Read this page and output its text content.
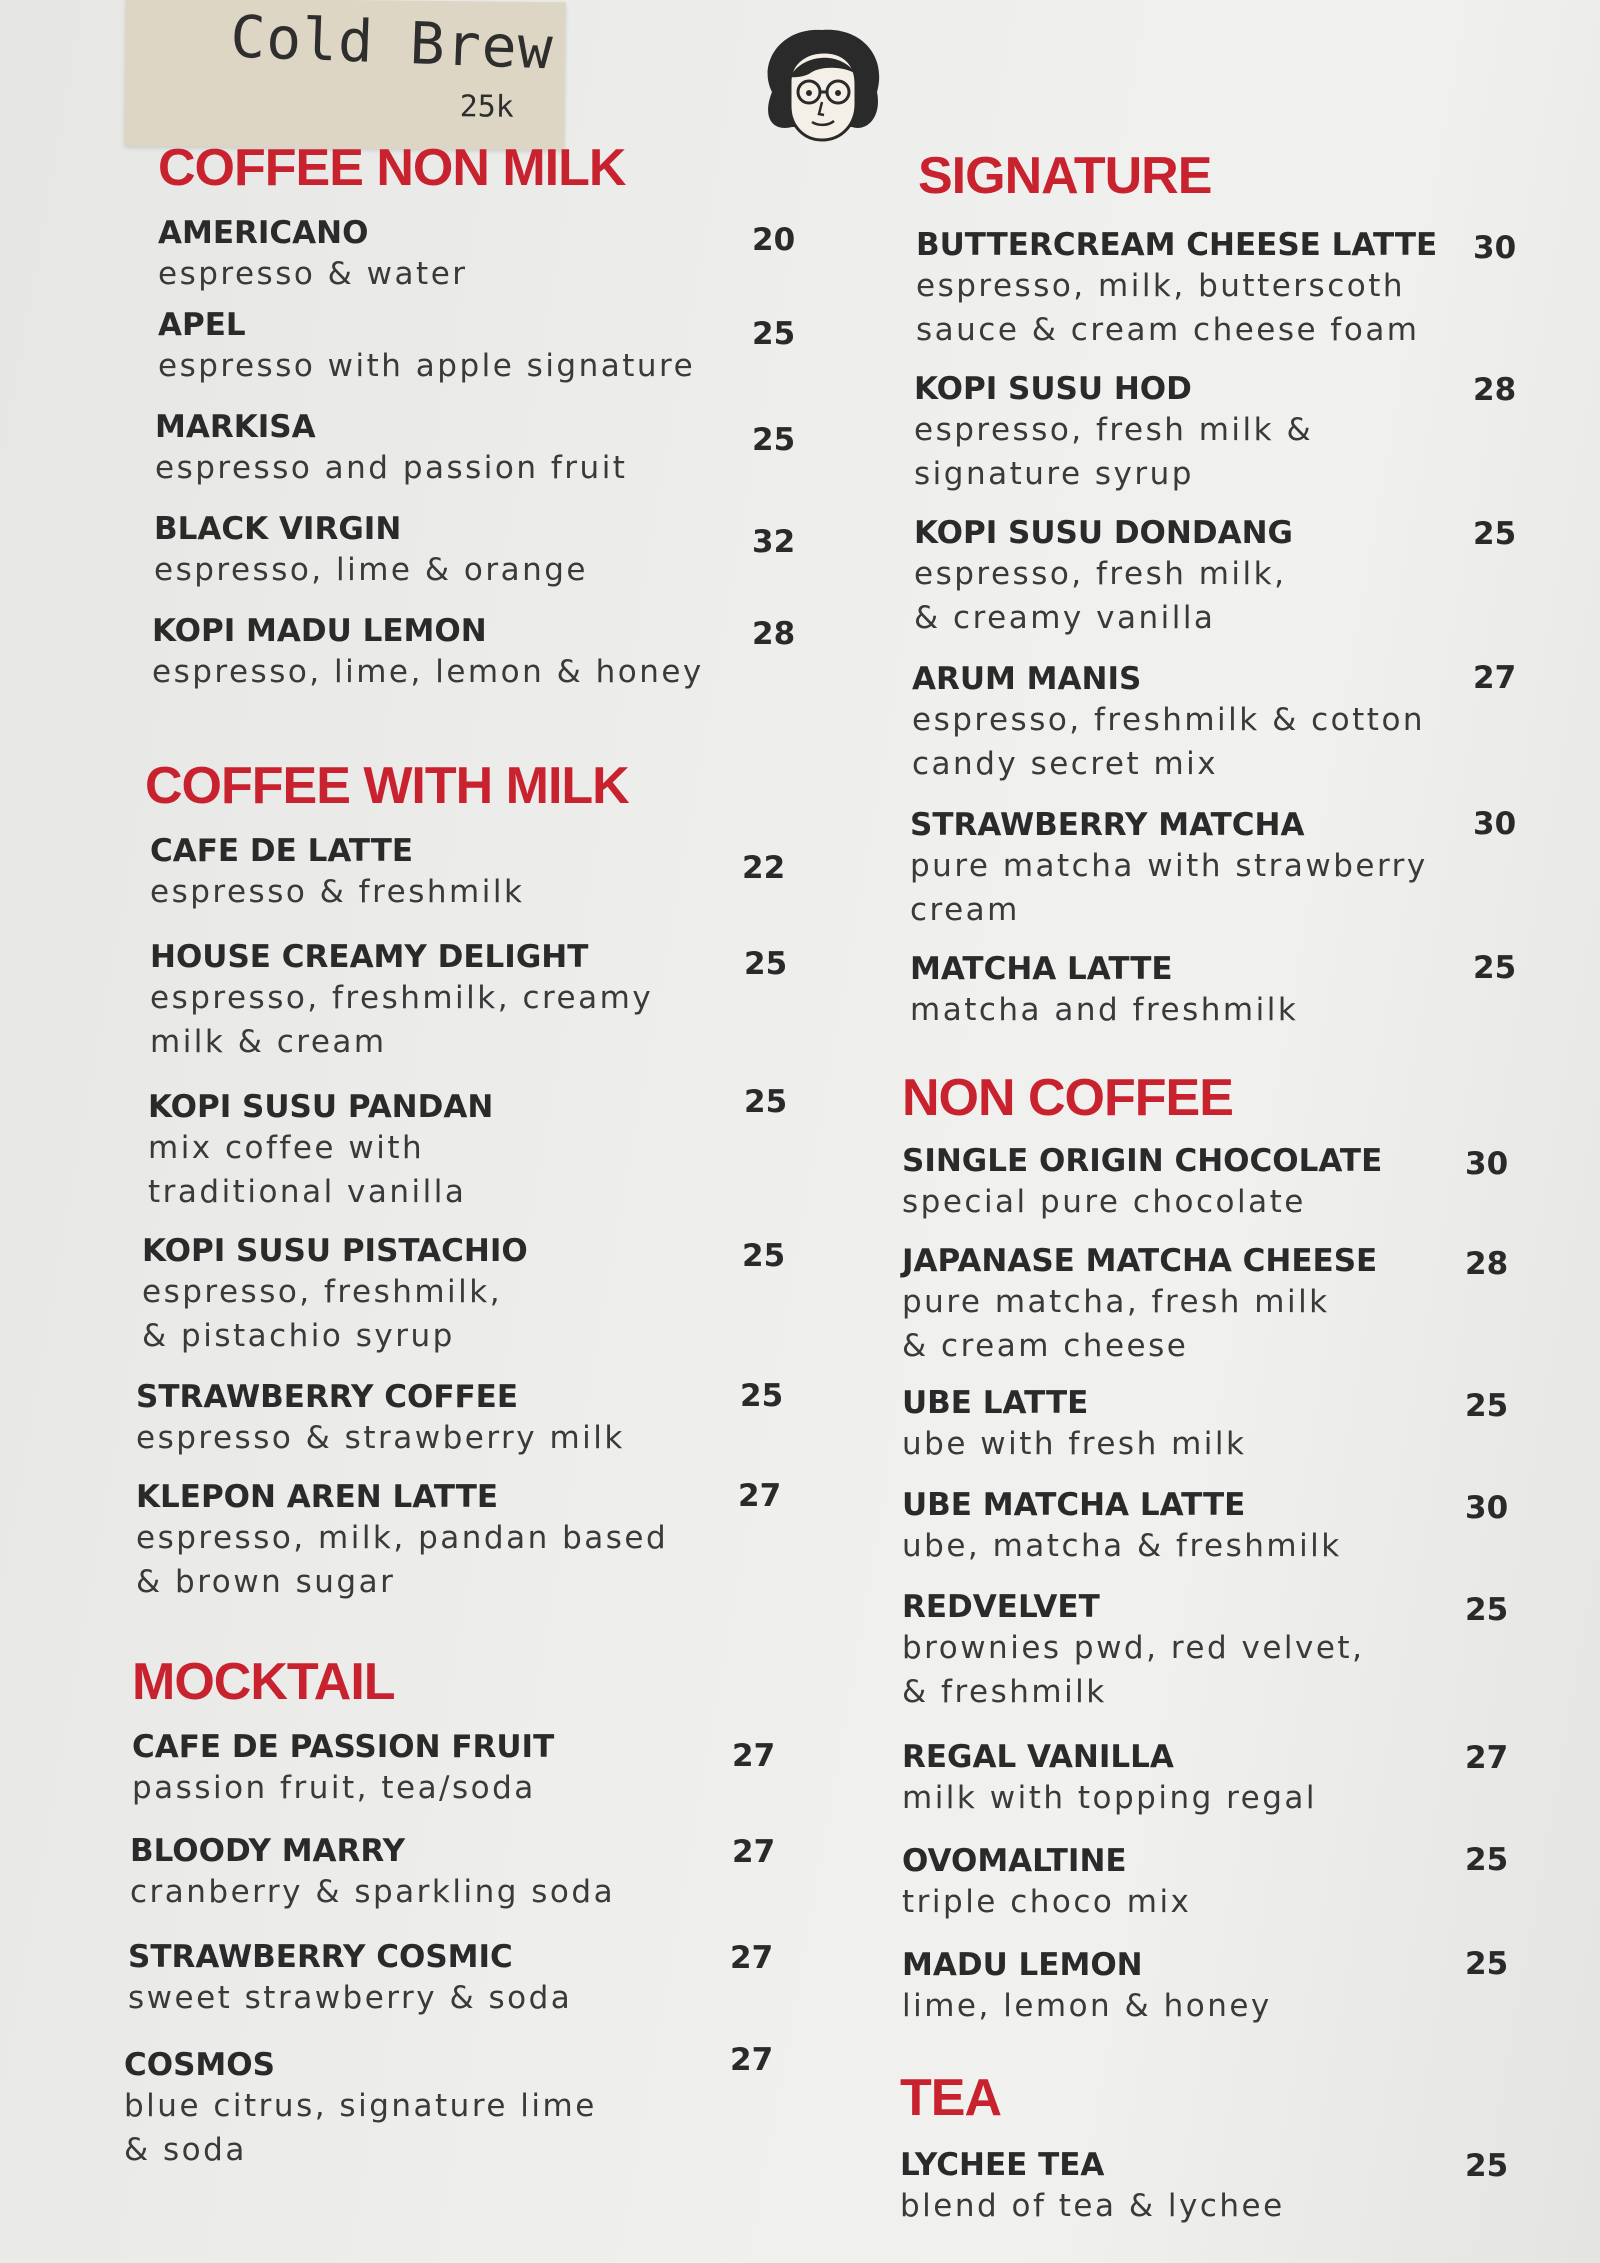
Cold Brew
25k
COFFEE NON MILK
AMERICANO
espresso & water
20
APEL
espresso with apple signature
25
MARKISA
espresso and passion fruit
25
BLACK VIRGIN
espresso, lime & orange
32
KOPI MADU LEMON
espresso, lime, lemon & honey
28
COFFEE WITH MILK
CAFE DE LATTE
espresso & freshmilk
22
HOUSE CREAMY DELIGHT
espresso, freshmilk, creamy
milk & cream
25
KOPI SUSU PANDAN
mix coffee with
traditional vanilla
25
KOPI SUSU PISTACHIO
espresso, freshmilk,
& pistachio syrup
25
STRAWBERRY COFFEE
espresso & strawberry milk
25
KLEPON AREN LATTE
espresso, milk, pandan based
& brown sugar
27
MOCKTAIL
CAFE DE PASSION FRUIT
passion fruit, tea/soda
27
BLOODY MARRY
cranberry & sparkling soda
27
STRAWBERRY COSMIC
sweet strawberry & soda
27
COSMOS
blue citrus, signature lime
& soda
27
SIGNATURE
BUTTERCREAM CHEESE LATTE
espresso, milk, butterscoth
sauce & cream cheese foam
30
KOPI SUSU HOD
espresso, fresh milk &
signature syrup
28
KOPI SUSU DONDANG
espresso, fresh milk,
& creamy vanilla
25
ARUM MANIS
espresso, freshmilk & cotton
candy secret mix
27
STRAWBERRY MATCHA
pure matcha with strawberry
cream
30
MATCHA LATTE
matcha and freshmilk
25
NON COFFEE
SINGLE ORIGIN CHOCOLATE
special pure chocolate
30
JAPANASE MATCHA CHEESE
pure matcha, fresh milk
& cream cheese
28
UBE LATTE
ube with fresh milk
25
UBE MATCHA LATTE
ube, matcha & freshmilk
30
REDVELVET
brownies pwd, red velvet,
& freshmilk
25
REGAL VANILLA
milk with topping regal
27
OVOMALTINE
triple choco mix
25
MADU LEMON
lime, lemon & honey
25
TEA
LYCHEE TEA
blend of tea & lychee
25
